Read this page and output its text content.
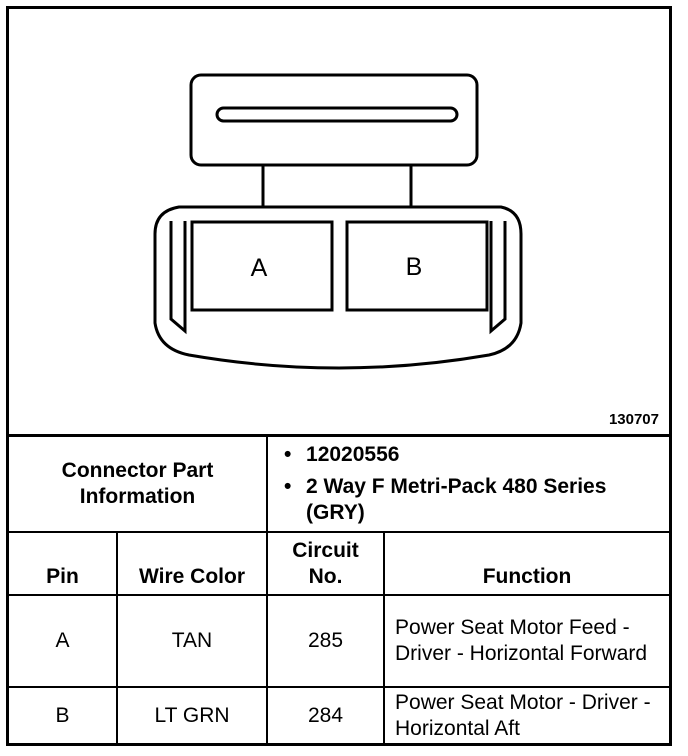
A	B
130707
Connector Part Information		• 12020556
• 2 Way F Metri-Pack 480 Series (GRY)

Pin	Wire Color	Circuit No.	Function
A	TAN	285	Power Seat Motor Feed - Driver - Horizontal Forward
B	LT GRN	284	Power Seat Motor - Driver - Horizontal Aft
